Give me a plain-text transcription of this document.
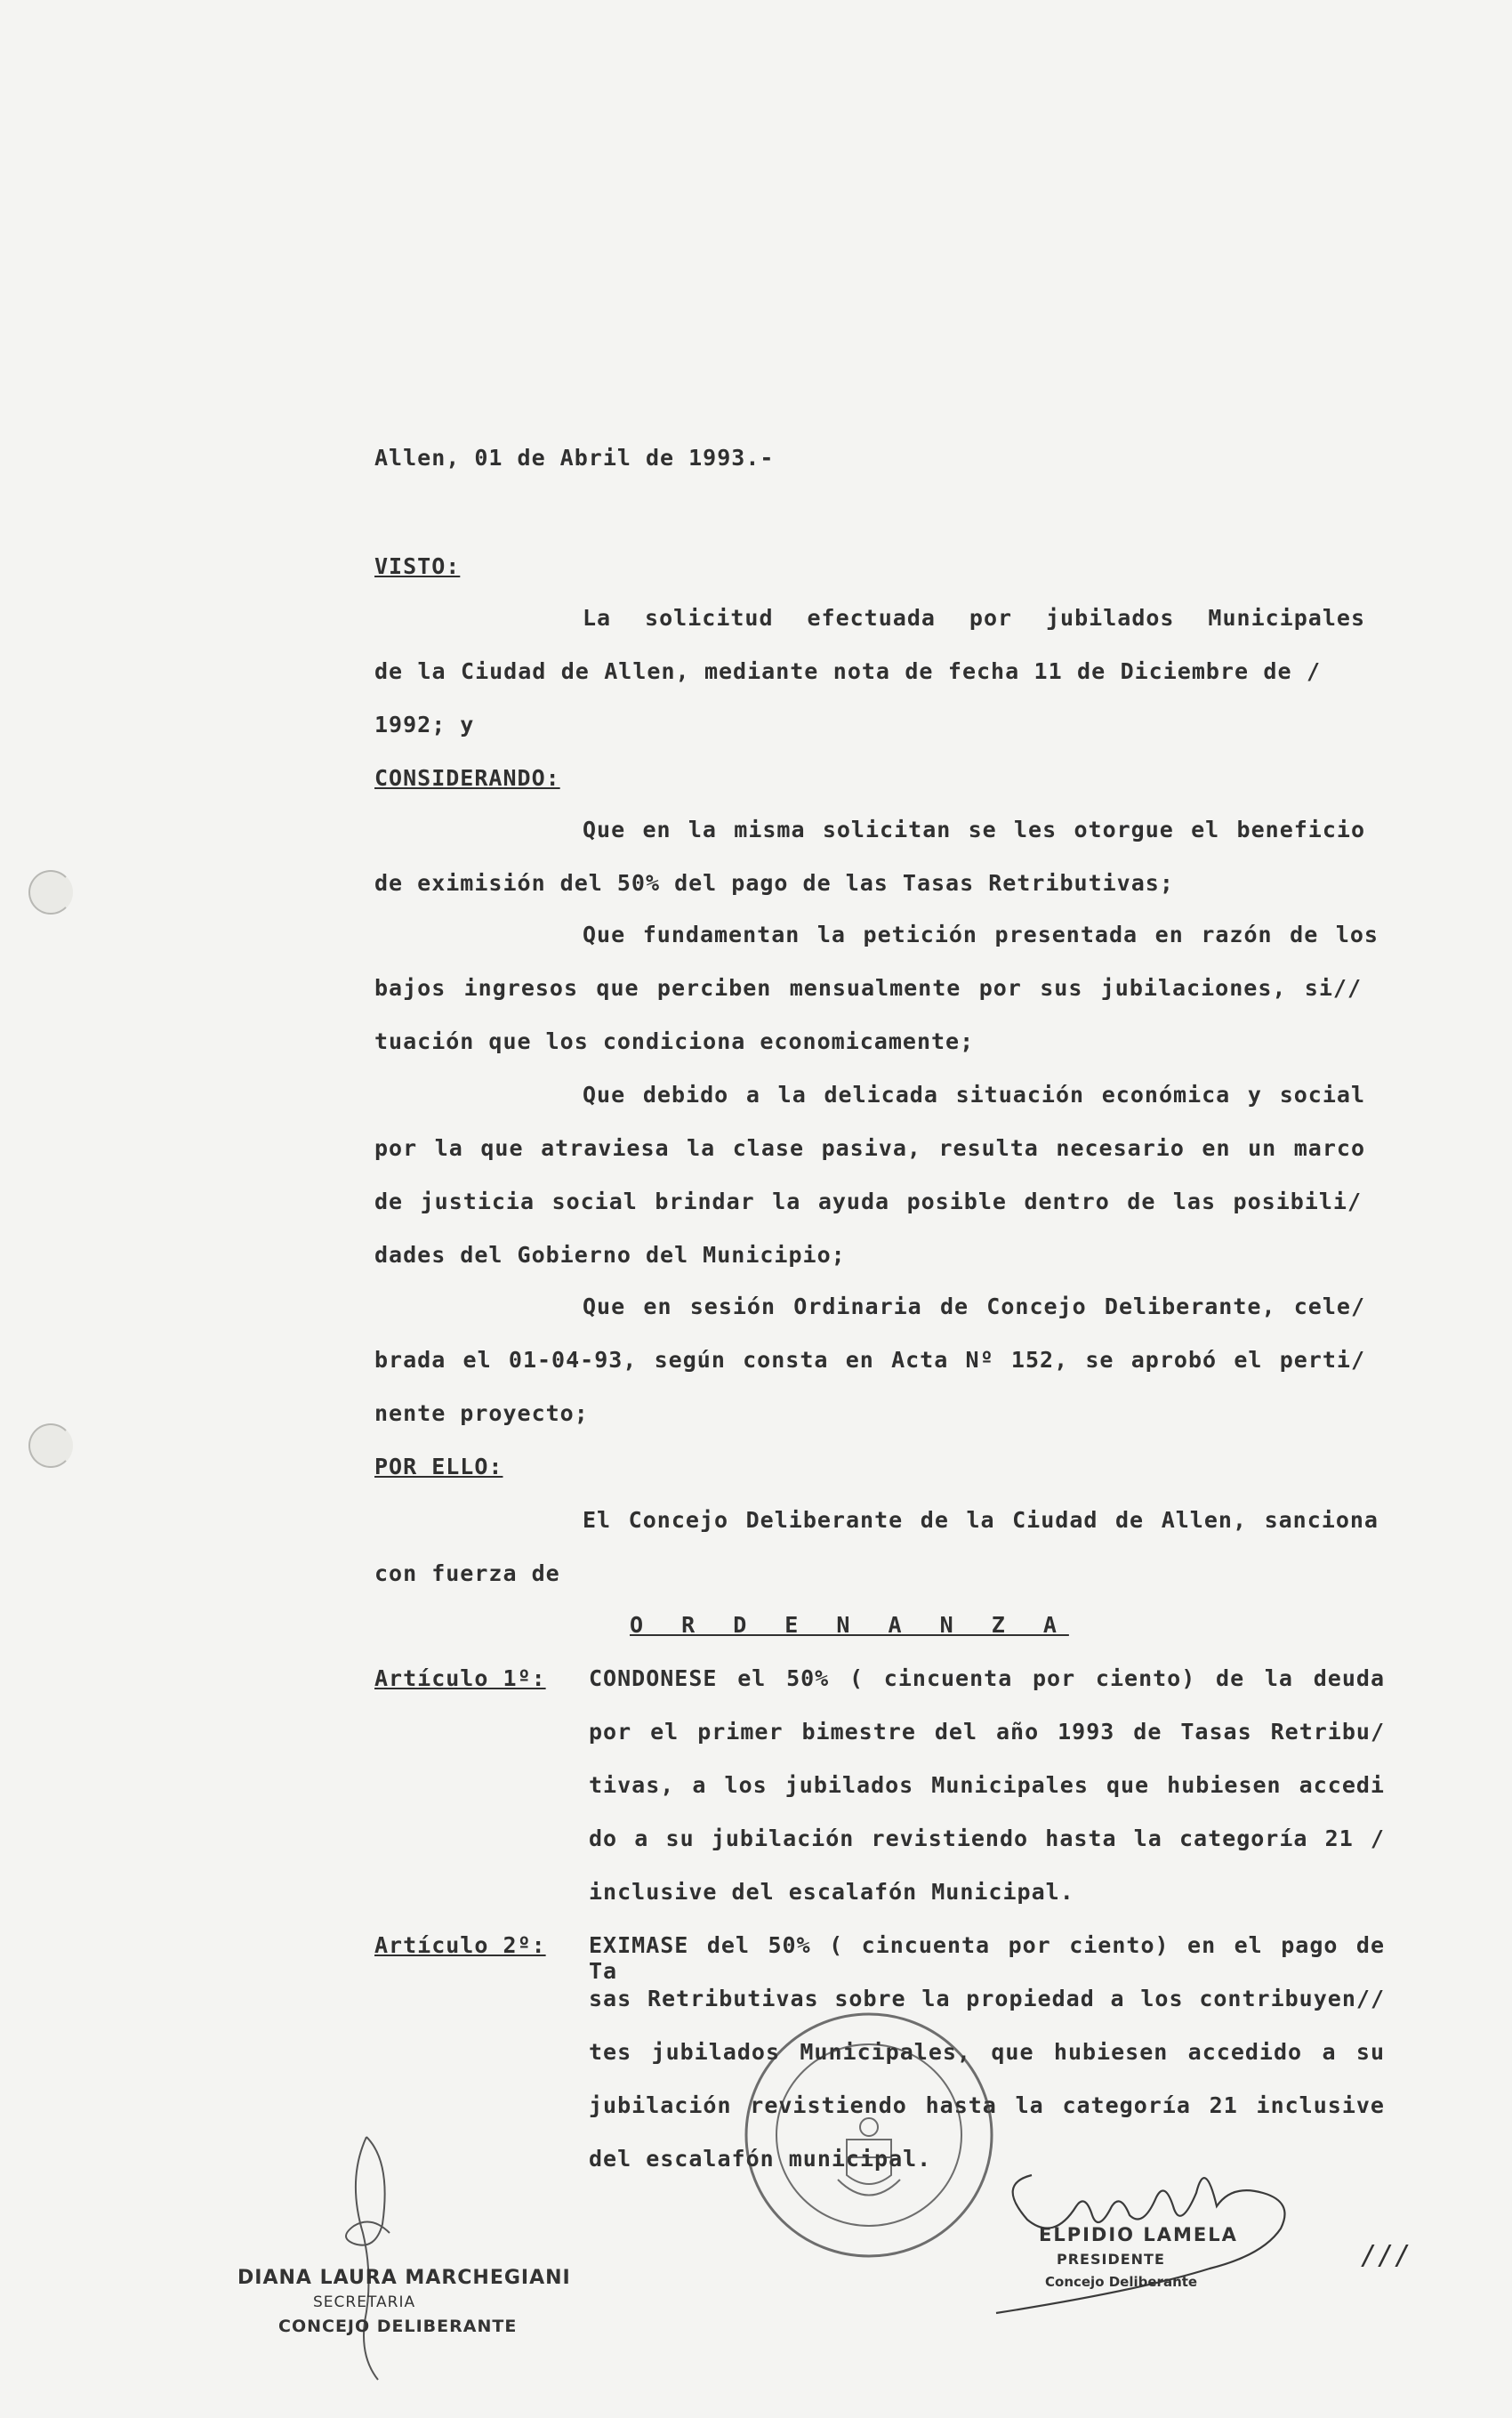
Allen, 01 de Abril de 1993.-
VISTO:
La solicitud efectuada por jubilados Municipales
de la Ciudad de Allen, mediante nota de fecha 11 de Diciembre de /
1992; y
CONSIDERANDO:
Que en la misma solicitan se les otorgue el beneficio
de eximisión del 50% del pago de las Tasas Retributivas;
Que fundamentan la petición presentada en razón de los
bajos ingresos que perciben mensualmente por sus jubilaciones, si//
tuación que los condiciona economicamente;
Que debido a la delicada situación económica y social
por la que atraviesa la clase pasiva, resulta necesario en un marco
de justicia social brindar la ayuda posible dentro de las posibili/
dades del Gobierno del Municipio;
Que en sesión Ordinaria de Concejo Deliberante, cele/
brada el 01-04-93, según consta en Acta Nº 152, se aprobó el perti/
nente proyecto;
POR ELLO:
El Concejo Deliberante de la Ciudad de Allen, sanciona
con fuerza de
O R D E N A N Z A
Artículo 1º: CONDONESE el 50% ( cincuenta por ciento) de la deuda
por el primer bimestre del año 1993 de Tasas Retribu/
tivas, a los jubilados Municipales que hubiesen accedi
do a su jubilación revistiendo hasta la categoría 21 /
inclusive del escalafón Municipal.
Artículo 2º: EXIMASE del 50% ( cincuenta por ciento) en el pago de Ta
sas Retributivas sobre la propiedad a los contribuyen//
tes jubilados Municipales, que hubiesen accedido a su
jubilación revistiendo hasta la categoría 21 inclusive
del escalafón municipal.
DIANA LAURA MARCHEGIANI
SECRETARIA
CONCEJO DELIBERANTE
ELPIDIO LAMELA
PRESIDENTE
Concejo Deliberante
///
